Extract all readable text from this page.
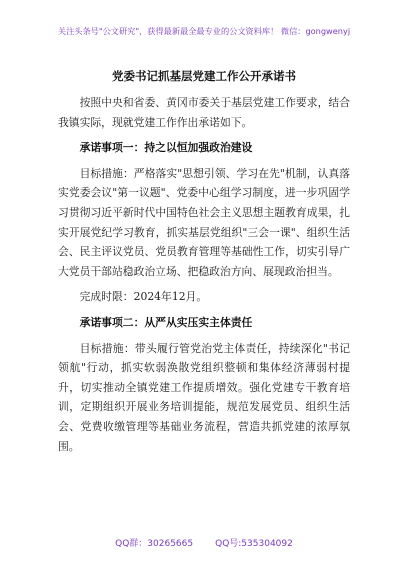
关注头条号"公文研究"，获得最新最全最专业的公文资料库！ 微信：gongwenyj
党委书记抓基层党建工作公开承诺书

按照中央和省委、黄冈市委关于基层党建工作要求，结合我镇实际，现就党建工作作出承诺如下。

承诺事项一：持之以恒加强政治建设

目标措施：严格落实"思想引领、学习在先"机制，认真落实党委会议"第一议题"、党委中心组学习制度，进一步巩固学习贯彻习近平新时代中国特色社会主义思想主题教育成果，扎实开展党纪学习教育，抓实基层党组织"三会一课"、组织生活会、民主评议党员、党员教育管理等基础性工作，切实引导广大党员干部站稳政治立场、把稳政治方向、展现政治担当。

完成时限：2024年12月。

承诺事项二：从严从实压实主体责任

目标措施：带头履行管党治党主体责任，持续深化"书记领航"行动，抓实软弱涣散党组织整顿和集体经济薄弱村提升，切实推动全镇党建工作提质增效。强化党建专干教育培训，定期组织开展业务培训提能，规范发展党员、组织生活会、党费收缴管理等基础业务流程，营造共抓党建的浓厚氛围。

QQ群：30265665 QQ号:535304092
